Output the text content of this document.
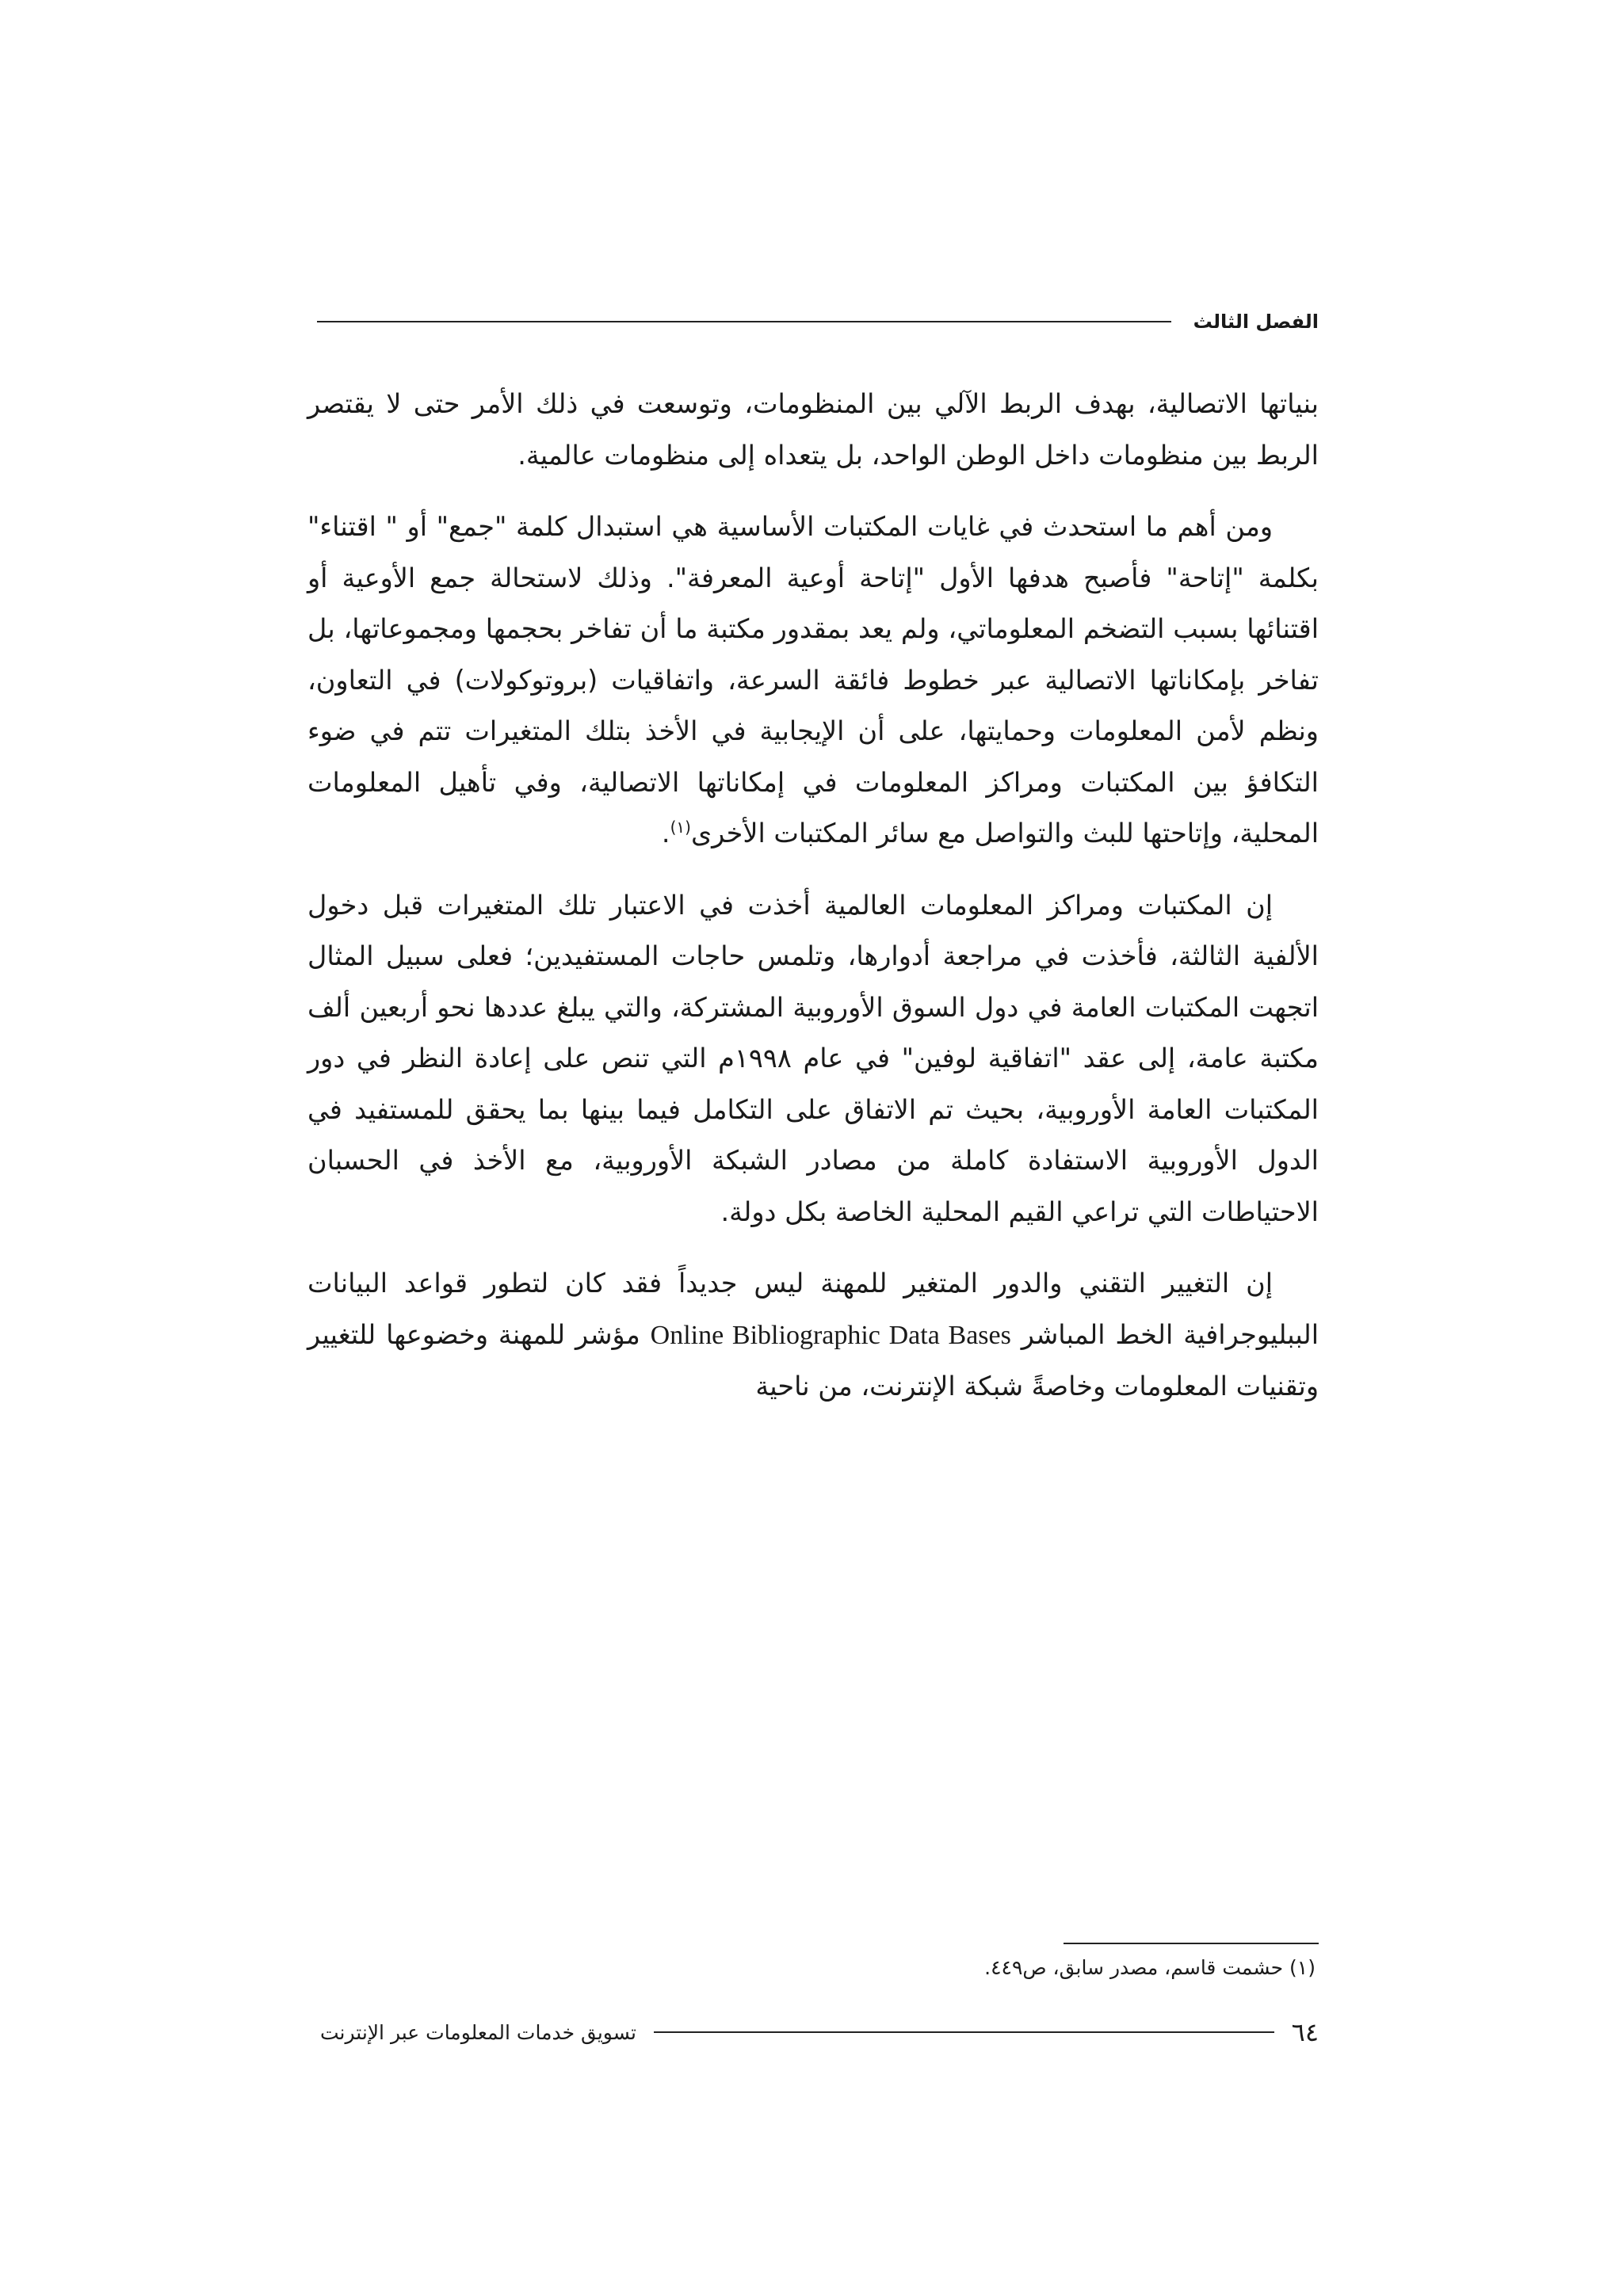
الفصل الثالث

بنياتها الاتصالية، بهدف الربط الآلي بين المنظومات، وتوسعت في ذلك الأمر حتى لا يقتصر الربط بين منظومات داخل الوطن الواحد، بل يتعداه إلى منظومات عالمية.

ومن أهم ما استحدث في غايات المكتبات الأساسية هي استبدال كلمة "جمع" أو " اقتناء" بكلمة "إتاحة" فأصبح هدفها الأول "إتاحة أوعية المعرفة". وذلك لاستحالة جمع الأوعية أو اقتنائها بسبب التضخم المعلوماتي، ولم يعد بمقدور مكتبة ما أن تفاخر بحجمها ومجموعاتها، بل تفاخر بإمكاناتها الاتصالية عبر خطوط فائقة السرعة، واتفاقيات (بروتوكولات) في التعاون، ونظم لأمن المعلومات وحمايتها، على أن الإيجابية في الأخذ بتلك المتغيرات تتم في ضوء التكافؤ بين المكتبات ومراكز المعلومات في إمكاناتها الاتصالية، وفي تأهيل المعلومات المحلية، وإتاحتها للبث والتواصل مع سائر المكتبات الأخرى$^{(١)}$.

إن المكتبات ومراكز المعلومات العالمية أخذت في الاعتبار تلك المتغيرات قبل دخول الألفية الثالثة، فأخذت في مراجعة أدوارها، وتلمس حاجات المستفيدين؛ فعلى سبيل المثال اتجهت المكتبات العامة في دول السوق الأوروبية المشتركة، والتي يبلغ عددها نحو أربعين ألف مكتبة عامة، إلى عقد "اتفاقية لوفين" في عام ١٩٩٨م التي تنص على إعادة النظر في دور المكتبات العامة الأوروبية، بحيث تم الاتفاق على التكامل فيما بينها بما يحقق للمستفيد في الدول الأوروبية الاستفادة كاملة من مصادر الشبكة الأوروبية، مع الأخذ في الحسبان الاحتياطات التي تراعي القيم المحلية الخاصة بكل دولة.

إن التغيير التقني والدور المتغير للمهنة ليس جديداً فقد كان لتطور قواعد البيانات الببليوجرافية الخط المباشر Online Bibliographic Data Bases مؤشر للمهنة وخضوعها للتغيير وتقنيات المعلومات وخاصةً شبكة الإنترنت، من ناحية

(١) حشمت قاسم، مصدر سابق، ص٤٤٩.
٦٤
تسويق خدمات المعلومات عبر الإنترنت
